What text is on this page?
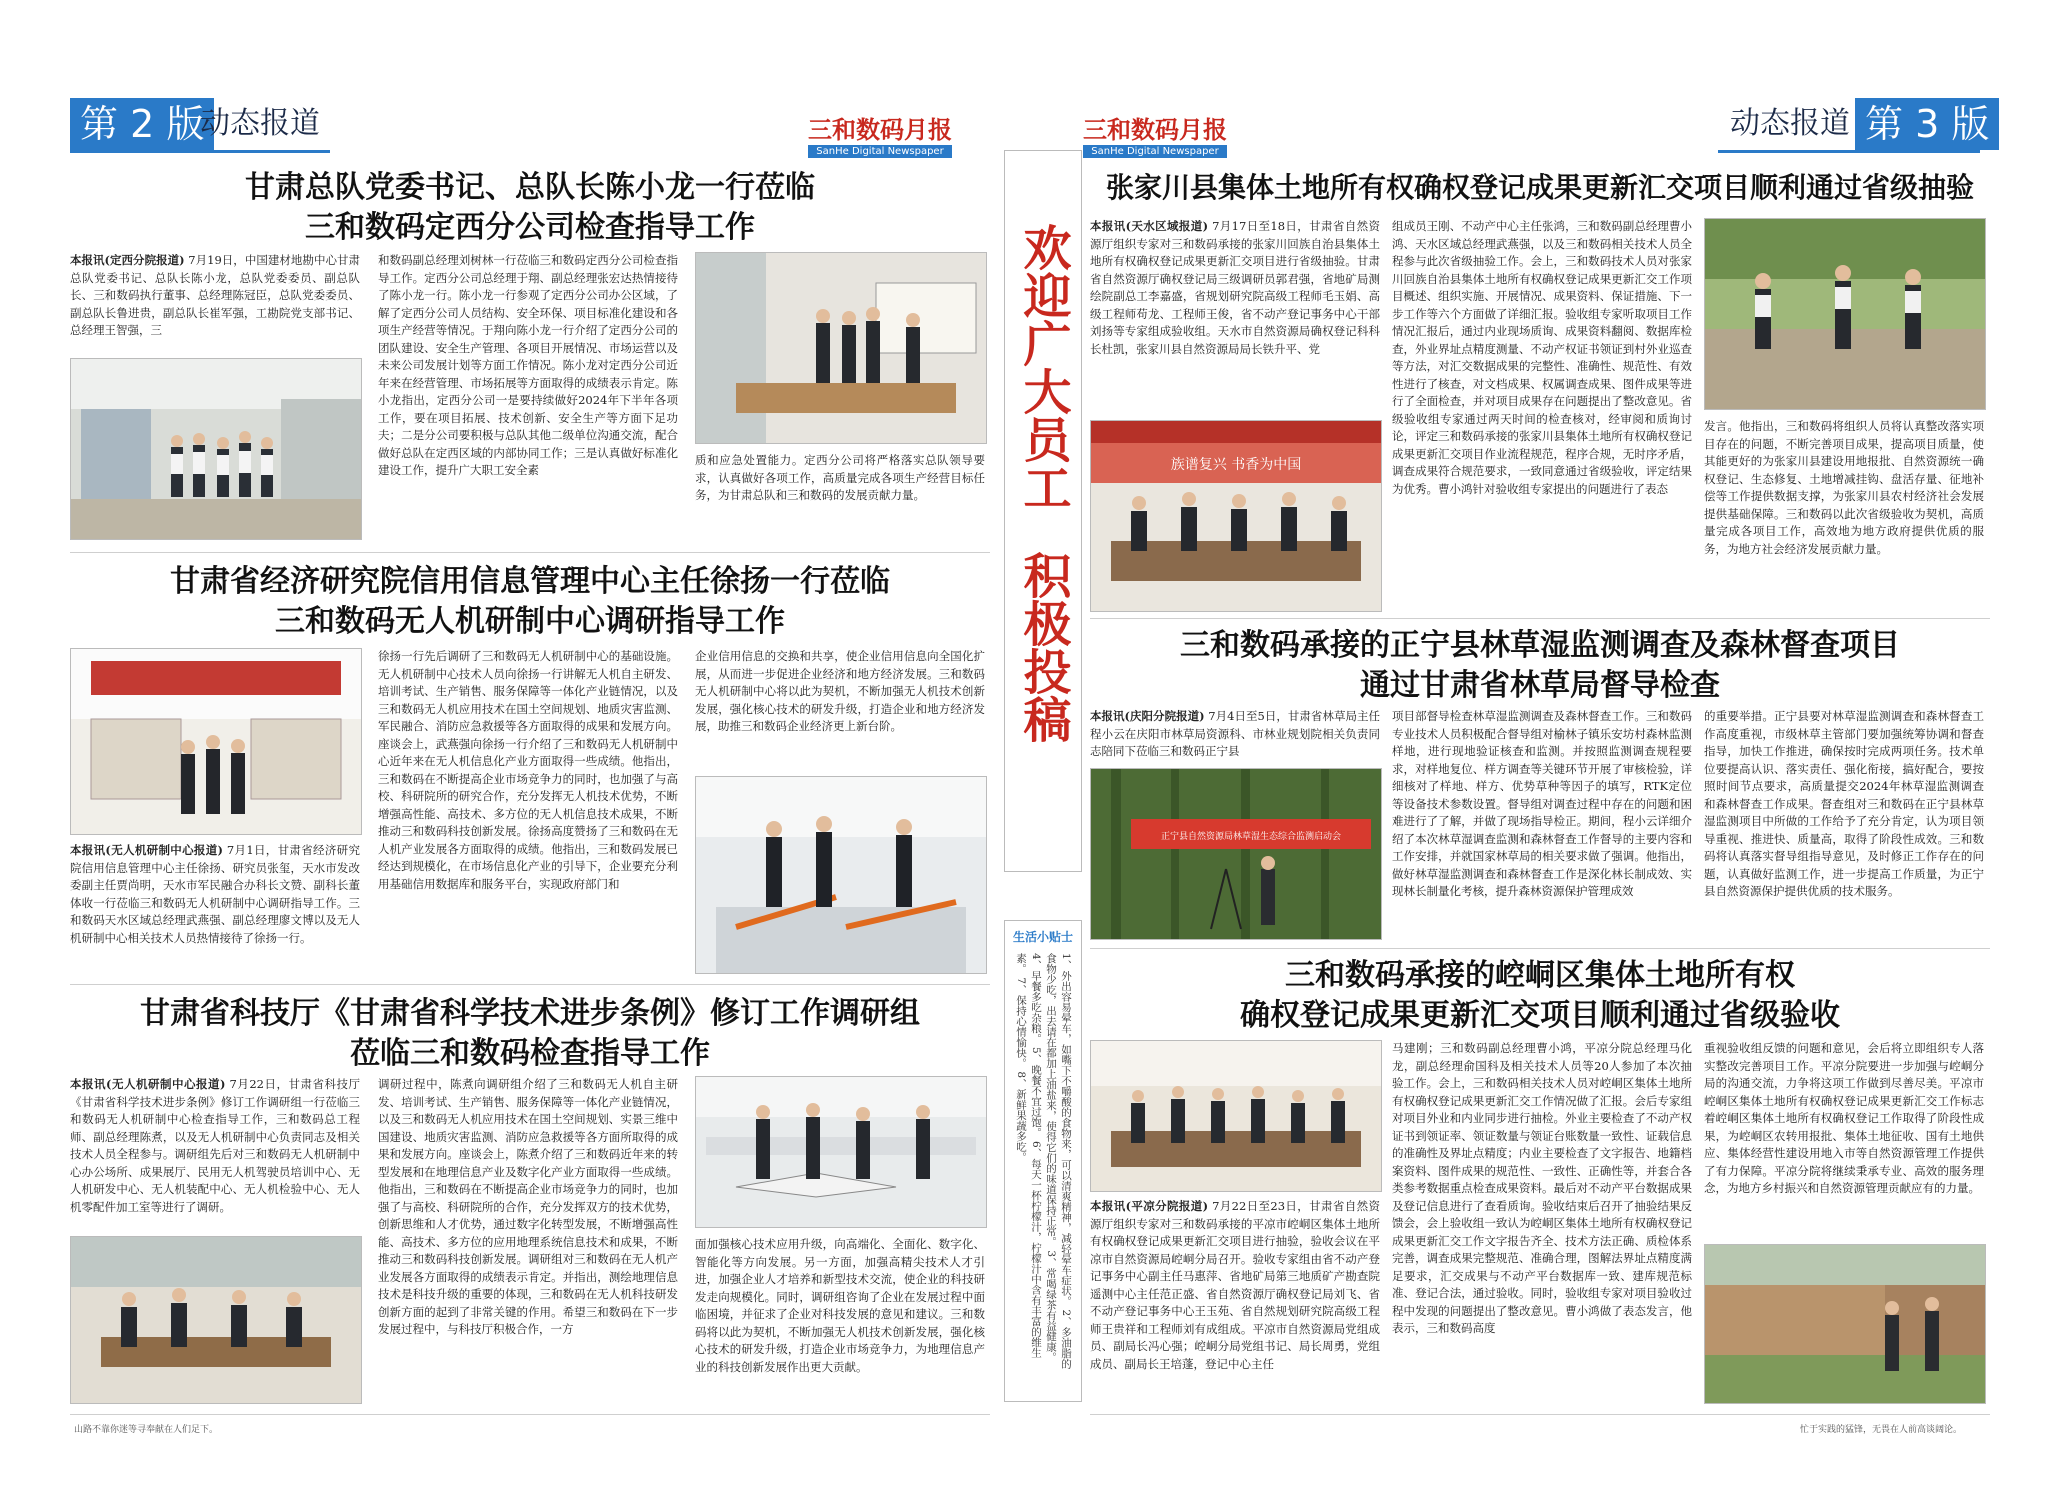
第 2 版
动态报道	三和数码月报
SanHe Digital Newspaper
三和数码月报
SanHe Digital Newspaper
动态报道 第 3 版
欢迎广大员工
积极投稿
生活小贴士
1、外出容易晕车，如嘴下不嚼酸的食物来，可以清爽精神，减轻晕车症状。 2、多油脂的食物少吃，出去请在都加上油盐来，使得它们的味道保持正常。 3、常喝绿茶有益健康。 4、早餐多吃杂粮。 5、晚餐不宜过饱。 6、每天一杯柠檬汁，柠檬汁中含有丰富的维生素。 7、保持心情愉快。 8、新鲜果蔬多吃。
甘肃总队党委书记、总队长陈小龙一行莅临
三和数码定西分公司检查指导工作
本报讯(定西分院报道) 7月19日，中国建材地勘中心甘肃总队党委书记、总队长陈小龙，总队党委委员、副总队长、三和数码执行董事、总经理陈冠臣，总队党委委员、副总队长鲁进贵，副总队长崔军强，工勘院党支部书记、总经理王智强，三
和数码副总经理刘树林一行莅临三和数码定西分公司检查指导工作。定西分公司总经理于翔、副总经理张宏达热情接待了陈小龙一行。陈小龙一行参观了定西分公司办公区域，了解了定西分公司人员结构、安全环保、项目标准化建设和各项生产经营等情况。于翔向陈小龙一行介绍了定西分公司的团队建设、安全生产管理、各项目开展情况、市场运营以及未来公司发展计划等方面工作情况。陈小龙对定西分公司近年来在经营管理、市场拓展等方面取得的成绩表示肯定。陈小龙指出，定西分公司一是要持续做好2024年下半年各项工作，要在项目拓展、技术创新、安全生产等方面下足功夫；二是分公司要积极与总队其他二级单位沟通交流，配合做好总队在定西区域的内部协同工作；三是认真做好标准化建设工作，提升广大职工安全素
质和应急处置能力。定西分公司将严格落实总队领导要求，认真做好各项工作，高质量完成各项生产经营目标任务，为甘肃总队和三和数码的发展贡献力量。
甘肃省经济研究院信用信息管理中心主任徐扬一行莅临
三和数码无人机研制中心调研指导工作
本报讯(无人机研制中心报道) 7月1日，甘肃省经济研究院信用信息管理中心主任徐扬、研究员张玺，天水市发改委副主任贾尚明，天水市军民融合办科长文赞、副科长董体收一行莅临三和数码无人机研制中心调研指导工作。三和数码天水区域总经理武燕强、副总经理廖文博以及无人机研制中心相关技术人员热情接待了徐扬一行。
徐扬一行先后调研了三和数码无人机研制中心的基础设施。无人机研制中心技术人员向徐扬一行讲解无人机自主研发、培训考试、生产销售、服务保障等一体化产业链情况，以及三和数码无人机应用技术在国土空间规划、地质灾害监测、军民融合、消防应急救援等各方面取得的成果和发展方向。座谈会上，武燕强向徐扬一行介绍了三和数码无人机研制中心近年来在无人机信息化产业方面取得一些成绩。他指出，三和数码在不断提高企业市场竞争力的同时，也加强了与高校、科研院所的研究合作，充分发挥无人机技术优势，不断增强高性能、高技术、多方位的无人机信息技术成果，不断推动三和数码科技创新发展。徐扬高度赞扬了三和数码在无人机产业发展各方面取得的成绩。他指出，三和数码发展已经达到规模化，在市场信息化产业的引导下，企业要充分利用基础信用数据库和服务平台，实现政府部门和
企业信用信息的交换和共享，使企业信用信息向全国化扩展，从而进一步促进企业经济和地方经济发展。三和数码无人机研制中心将以此为契机，不断加强无人机技术创新发展，强化核心技术的研发升级，打造企业和地方经济发展，助推三和数码企业经济更上新台阶。
甘肃省科技厅《甘肃省科学技术进步条例》修订工作调研组
莅临三和数码检查指导工作
本报讯(无人机研制中心报道) 7月22日，甘肃省科技厅《甘肃省科学技术进步条例》修订工作调研组一行莅临三和数码无人机研制中心检查指导工作，三和数码总工程师、副总经理陈煮，以及无人机研制中心负责同志及相关技术人员全程参与。调研组先后对三和数码无人机研制中心办公场所、成果展厅、民用无人机驾驶员培训中心、无人机研发中心、无人机装配中心、无人机检验中心、无人机零配件加工室等进行了调研。
调研过程中，陈煮向调研组介绍了三和数码无人机自主研发、培训考试、生产销售、服务保障等一体化产业链情况，以及三和数码无人机应用技术在国土空间规划、实景三维中国建设、地质灾害监测、消防应急救援等各方面所取得的成果和发展方向。座谈会上，陈煮介绍了三和数码近年来的转型发展和在地理信息产业及数字化产业方面取得一些成绩。他指出，三和数码在不断提高企业市场竞争力的同时，也加强了与高校、科研院所的合作，充分发挥双方的技术优势，创新思维和人才优势，通过数字化转型发展，不断增强高性能、高技术、多方位的应用地理系统信息技术和成果，不断推动三和数码科技创新发展。调研组对三和数码在无人机产业发展各方面取得的成绩表示肯定。并指出，测绘地理信息技术是科技升级的重要的体现，三和数码在无人机科技研发创新方面的起到了非常关键的作用。希望三和数码在下一步发展过程中，与科技厅积极合作，一方
面加强核心技术应用升级，向高端化、全面化、数字化、智能化等方向发展。另一方面，加强高精尖技术人才引进，加强企业人才培养和新型技术交流，使企业的科技研发走向规模化。同时，调研组咨询了企业在发展过程中面临困境，并征求了企业对科技发展的意见和建议。三和数码将以此为契机，不断加强无人机技术创新发展，强化核心技术的研发升级，打造企业市场竞争力，为地理信息产业的科技创新发展作出更大贡献。
张家川县集体土地所有权确权登记成果更新汇交项目顺利通过省级抽验
本报讯(天水区域报道) 7月17日至18日，甘肃省自然资源厅组织专家对三和数码承接的张家川回族自治县集体土地所有权确权登记成果更新汇交项目进行省级抽验。甘肃省自然资源厅确权登记局三级调研员郭君强，省地矿局测绘院副总工李嘉盛，省规划研究院高级工程师毛玉娟、高级工程师苟龙、工程师王俊，省不动产登记事务中心干部刘扬等专家组成验收组。天水市自然资源局确权登记科科长杜凯，张家川县自然资源局局长铁升平、党
族谱复兴 书香为中国
组成员王刚、不动产中心主任张鸿，三和数码副总经理曹小鸿、天水区域总经理武燕强，以及三和数码相关技术人员全程参与此次省级抽验工作。会上，三和数码技术人员对张家川回族自治县集体土地所有权确权登记成果更新汇交工作项目概述、组织实施、开展情况、成果资料、保证措施、下一步工作等六个方面做了详细汇报。验收组专家听取项目工作情况汇报后，通过内业现场质询、成果资料翻阅、数据库检查，外业界址点精度测量、不动产权证书领证到村外业巡查等方法，对汇交数据成果的完整性、准确性、规范性、有效性进行了核查，对文档成果、权属调查成果、图件成果等进行了全面检查，并对项目成果存在问题提出了整改意见。省级验收组专家通过两天时间的检查核对，经审阅和质询讨论，评定三和数码承接的张家川县集体土地所有权确权登记成果更新汇交项目作业流程规范，程序合规，无时序矛盾，调查成果符合规范要求，一致同意通过省级验收，评定结果为优秀。曹小鸿针对验收组专家提出的问题进行了表态
发言。他指出，三和数码将组织人员将认真整改落实项目存在的问题，不断完善项目成果，提高项目质量，使其能更好的为张家川县建设用地报批、自然资源统一确权登记、生态修复、土地增减挂钩、盘活存量、征地补偿等工作提供数据支撑，为张家川县农村经济社会发展提供基础保障。三和数码以此次省级验收为契机，高质量完成各项目工作，高效地为地方政府提供优质的服务，为地方社会经济发展贡献力量。
三和数码承接的正宁县林草湿监测调查及森林督查项目
通过甘肃省林草局督导检查
本报讯(庆阳分院报道) 7月4日至5日，甘肃省林草局主任程小云在庆阳市林草局资源科、市林业规划院相关负责同志陪同下莅临三和数码正宁县
正宁县自然资源局林草湿生态综合监测启动会
项目部督导检查林草湿监测调查及森林督查工作。三和数码专业技术人员积极配合督导组对榆林子镇乐安坊村森林监测样地，进行现地验证核查和监测。并按照监测调查规程要求，对样地复位、样方调查等关键环节开展了审核检验，详细核对了样地、样方、优势草种等因子的填写，RTK定位等设备技术参数设置。督导组对调查过程中存在的问题和困难进行了了解，并做了现场指导检正。期间，程小云详细介绍了本次林草湿调查监测和森林督查工作督导的主要内容和工作安排，并就国家林草局的相关要求做了强调。他指出，做好林草湿监测调查和森林督查工作是深化林长制成效、实现林长制量化考核，提升森林资源保护管理成效
的重要举措。正宁县要对林草湿监测调查和森林督查工作高度重视，市级林草主管部门要加强统筹协调和督查指导，加快工作推进，确保按时完成两项任务。技术单位要提高认识、落实责任、强化衔接，搞好配合，要按照时间节点要求，高质量提交2024年林草湿监测调查和森林督查工作成果。督查组对三和数码在正宁县林草湿监测项目中所做的工作给予了充分肯定，认为项目领导重视、推进快、质量高，取得了阶段性成效。三和数码将认真落实督导组指导意见，及时修正工作存在的问题，认真做好监测工作，进一步提高工作质量，为正宁县自然资源保护提供优质的技术服务。
三和数码承接的崆峒区集体土地所有权
确权登记成果更新汇交项目顺利通过省级验收
本报讯(平凉分院报道) 7月22日至23日，甘肃省自然资源厅组织专家对三和数码承接的平凉市崆峒区集体土地所有权确权登记成果更新汇交项目进行抽验，验收会议在平凉市自然资源局崆峒分局召开。验收专家组由省不动产登记事务中心副主任马惠萍、省地矿局第三地质矿产勘查院遥测中心主任范正盛、省自然资源厅确权登记局刘飞、省不动产登记事务中心王玉苑、省自然规划研究院高级工程师王贵祥和工程师刘有成组成。平凉市自然资源局党组成员、副局长冯心强；崆峒分局党组书记、局长周勇，党组成员、副局长王培蓬，登记中心主任
马建刚；三和数码副总经理曹小鸿，平凉分院总经理马化龙，副总经理俞国科及相关技术人员等20人参加了本次抽验工作。会上，三和数码相关技术人员对崆峒区集体土地所有权确权登记成果更新汇交工作情况做了汇报。会后专家组对项目外业和内业同步进行抽检。外业主要检查了不动产权证书到领证率、领证数量与领证台账数量一致性、证载信息的准确性及界址点精度；内业主要检查了文字报告、地籍档案资料、图件成果的规范性、一致性、正确性等，并套合各类参考数据重点检查成果资料。最后对不动产平台数据成果及登记信息进行了查看质询。验收结束后召开了抽验结果反馈会，会上验收组一致认为崆峒区集体土地所有权确权登记成果更新汇交工作文字报告齐全、技术方法正确、质检体系完善，调查成果完整规范、准确合理，图解法界址点精度满足要求，汇交成果与不动产平台数据库一致、建库规范标准、登记合法，通过验收。同时，验收组专家对项目验收过程中发现的问题提出了整改意见。曹小鸿做了表态发言，他表示，三和数码高度
重视验收组反馈的问题和意见，会后将立即组织专人落实整改完善项目工作。平凉分院要进一步加强与崆峒分局的沟通交流，力争将这项工作做到尽善尽美。平凉市崆峒区集体土地所有权确权登记成果更新汇交工作标志着崆峒区集体土地所有权确权登记工作取得了阶段性成果，为崆峒区农转用报批、集体土地征收、国有土地供应、集体经营性建设用地入市等自然资源管理工作提供了有力保障。平凉分院将继续秉承专业、高效的服务理念，为地方乡村振兴和自然资源管理贡献应有的力量。
山路不靠你迷等寻奉献在人们足下。	忙于实践的猛锋，无畏在人前高谈阔论。
